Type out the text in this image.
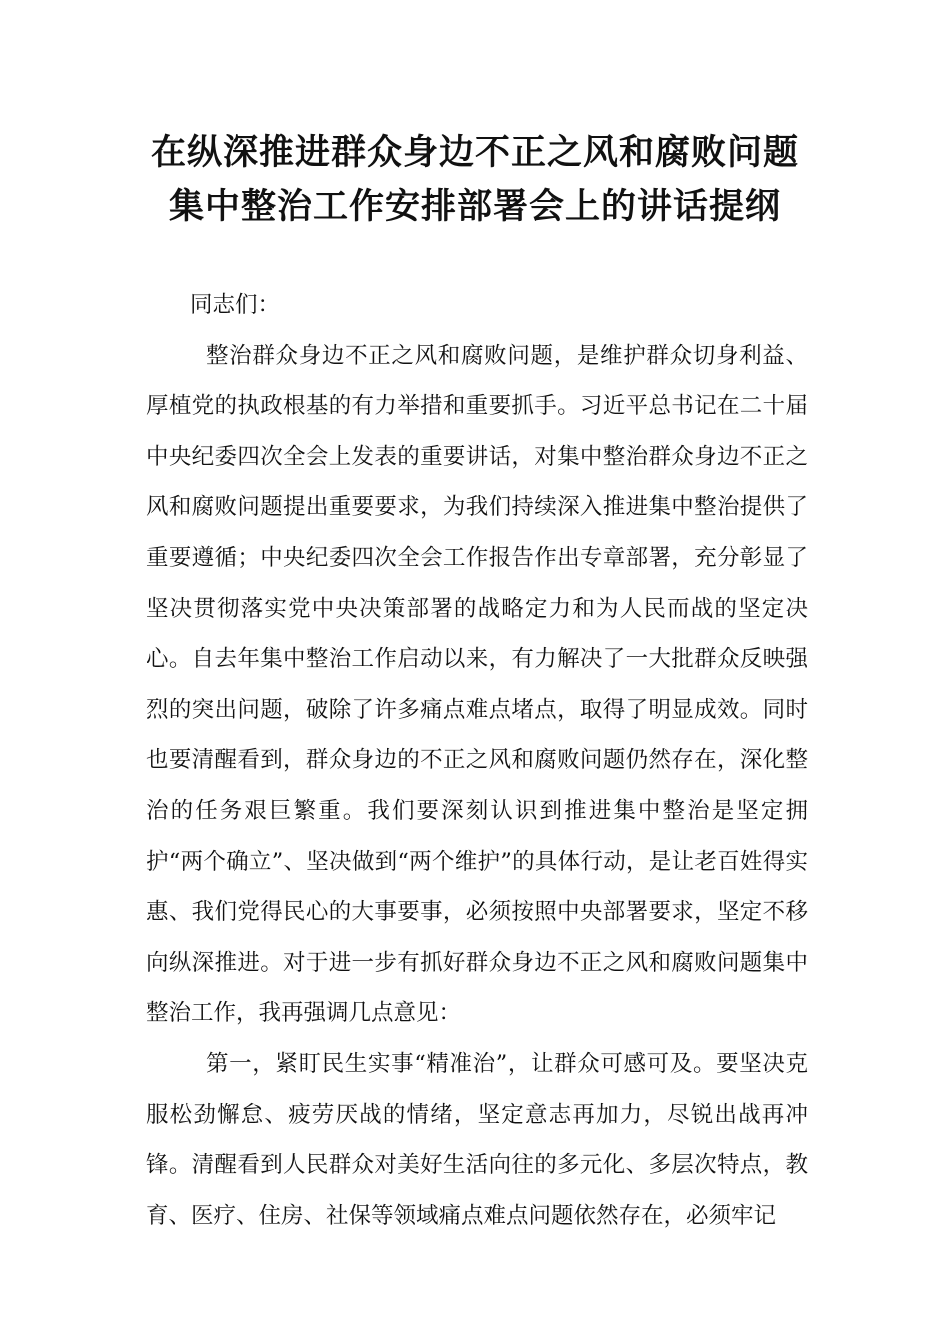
在纵深推进群众身边不正之风和腐败问题
集中整治工作安排部署会上的讲话提纲

同志们：

整治群众身边不正之风和腐败问题，是维护群众切身利益、厚植党的执政根基的有力举措和重要抓手。习近平总书记在二十届中央纪委四次全会上发表的重要讲话，对集中整治群众身边不正之风和腐败问题提出重要要求，为我们持续深入推进集中整治提供了重要遵循；中央纪委四次全会工作报告作出专章部署，充分彰显了坚决贯彻落实党中央决策部署的战略定力和为人民而战的坚定决心。自去年集中整治工作启动以来，有力解决了一大批群众反映强烈的突出问题，破除了许多痛点难点堵点，取得了明显成效。同时也要清醒看到，群众身边的不正之风和腐败问题仍然存在，深化整治的任务艰巨繁重。我们要深刻认识到推进集中整治是坚定拥护“两个确立”、坚决做到“两个维护”的具体行动，是让老百姓得实惠、我们党得民心的大事要事，必须按照中央部署要求，坚定不移向纵深推进。对于进一步有抓好群众身边不正之风和腐败问题集中整治工作，我再强调几点意见：

第一，紧盯民生实事“精准治”，让群众可感可及。要坚决克服松劲懈怠、疲劳厌战的情绪，坚定意志再加力，尽锐出战再冲锋。清醒看到人民群众对美好生活向往的多元化、多层次特点，教育、医疗、住房、社保等领域痛点难点问题依然存在，必须牢记
